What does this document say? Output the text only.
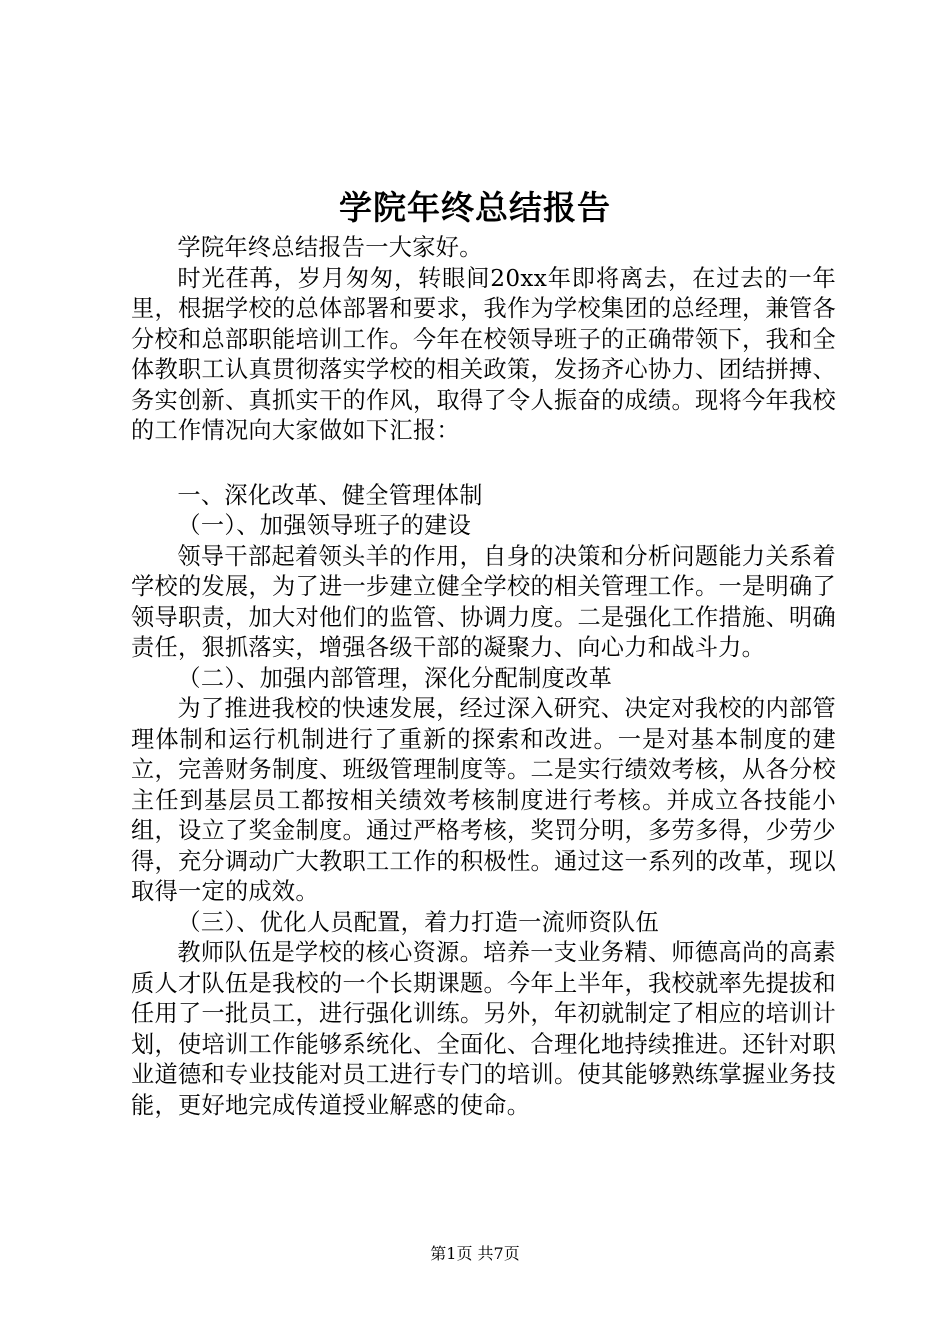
学院年终总结报告

学院年终总结报告一大家好。

时光荏苒，岁月匆匆，转眼间20xx年即将离去，在过去的一年里，根据学校的总体部署和要求，我作为学校集团的总经理，兼管各分校和总部职能培训工作。今年在校领导班子的正确带领下，我和全体教职工认真贯彻落实学校的相关政策，发扬齐心协力、团结拼搏、务实创新、真抓实干的作风，取得了令人振奋的成绩。现将今年我校的工作情况向大家做如下汇报：

一、深化改革、健全管理体制

（一）、加强领导班子的建设

领导干部起着领头羊的作用，自身的决策和分析问题能力关系着学校的发展，为了进一步建立健全学校的相关管理工作。一是明确了领导职责，加大对他们的监管、协调力度。二是强化工作措施、明确责任，狠抓落实，增强各级干部的凝聚力、向心力和战斗力。

（二）、加强内部管理，深化分配制度改革

为了推进我校的快速发展，经过深入研究、决定对我校的内部管理体制和运行机制进行了重新的探索和改进。一是对基本制度的建立，完善财务制度、班级管理制度等。二是实行绩效考核，从各分校主任到基层员工都按相关绩效考核制度进行考核。并成立各技能小组，设立了奖金制度。通过严格考核，奖罚分明，多劳多得，少劳少得，充分调动广大教职工工作的积极性。通过这一系列的改革，现以取得一定的成效。

（三）、优化人员配置，着力打造一流师资队伍

教师队伍是学校的核心资源。培养一支业务精、师德高尚的高素质人才队伍是我校的一个长期课题。今年上半年，我校就率先提拔和任用了一批员工，进行强化训练。另外，年初就制定了相应的培训计划，使培训工作能够系统化、全面化、合理化地持续推进。还针对职业道德和专业技能对员工进行专门的培训。使其能够熟练掌握业务技能，更好地完成传道授业解惑的使命。

第1页 共7页
